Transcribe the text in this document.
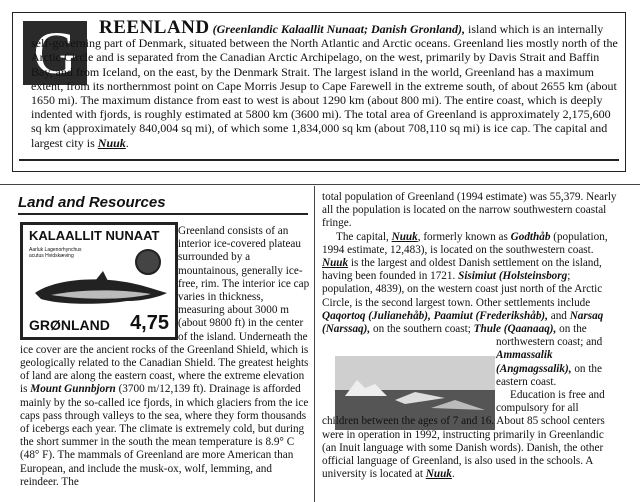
G	REENLAND (Greenlandic Kalaallit Nunaat; Danish Gronland), island which is an internally self-governing part of Denmark, situated between the North Atlantic and Arctic oceans. Greenland lies mostly north of the Arctic Circle and is separated from the Canadian Arctic Archipelago, on the west, primarily by Davis Strait and Baffin Bay, and from Iceland, on the east, by the Denmark Strait. The largest island in the world, Greenland has a maximum extent, from its northernmost point on Cape Morris Jesup to Cape Farewell in the extreme south, of about 2655 km (about 1650 mi). The maximum distance from east to west is about 1290 km (about 800 mi). The entire coast, which is deeply indented with fjords, is roughly estimated at 5800 km (3600 mi). The total area of Greenland is approximately 2,175,600 sq km (approximately 840,004 sq mi), of which some 1,834,000 sq km (about 708,110 sq mi) is ice cap. The capital and largest city is Nuuk.
Land and Resources
KALAALLIT NUNAAT
Aarluk Lagenorhynchus acutus Hvidskæving
GRØNLAND 4,75

Greenland consists of an interior ice-covered plateau surrounded by a mountainous, generally ice-free, rim. The interior ice cap varies in thickness, measuring about 3000 m (about 9800 ft) in the center of the island. Underneath the ice cover are the ancient rocks of the Greenland Shield, which is geologically related to the Canadian Shield. The greatest heights of land are along the eastern coast, where the extreme elevation is Mount Gunnbjorn (3700 m/12,139 ft). Drainage is afforded mainly by the so-called ice fjords, in which glaciers from the ice caps pass through valleys to the sea, where they form thousands of icebergs each year. The climate is extremely cold, but during the short summer in the south the mean temperature is 8.9° C (48° F). The mammals of Greenland are more American than European, and include the musk-ox, wolf, lemming, and reindeer. The

total population of Greenland (1994 estimate) was 55,379. Nearly all the population is located on the narrow southwestern coastal fringe.

The capital, Nuuk, formerly known as Godthåb (population, 1994 estimate, 12,483), is located on the southwestern coast. Nuuk is the largest and oldest Danish settlement on the island, having been founded in 1721. Sisimiut (Holsteinsborg; population, 4839), on the western coast just north of the Arctic Circle, is the second largest town. Other settlements include Qaqortoq (Julianehåb), Paamiut (Frederikshåb), and Narsaq (Narssaq), on the southern coast; Thule (Qaanaaq), on the northwestern coast; and
Ammassalik (Angmagssalik), on the eastern coast.

Education is free and compulsory for all children between the ages of 7 and 16. About 85 school centers were in operation in 1992, instructing primarily in Greenlandic (an Inuit language with some Danish words). Danish, the other official language of Greenland, is also used in the schools. A university is located at Nuuk.
